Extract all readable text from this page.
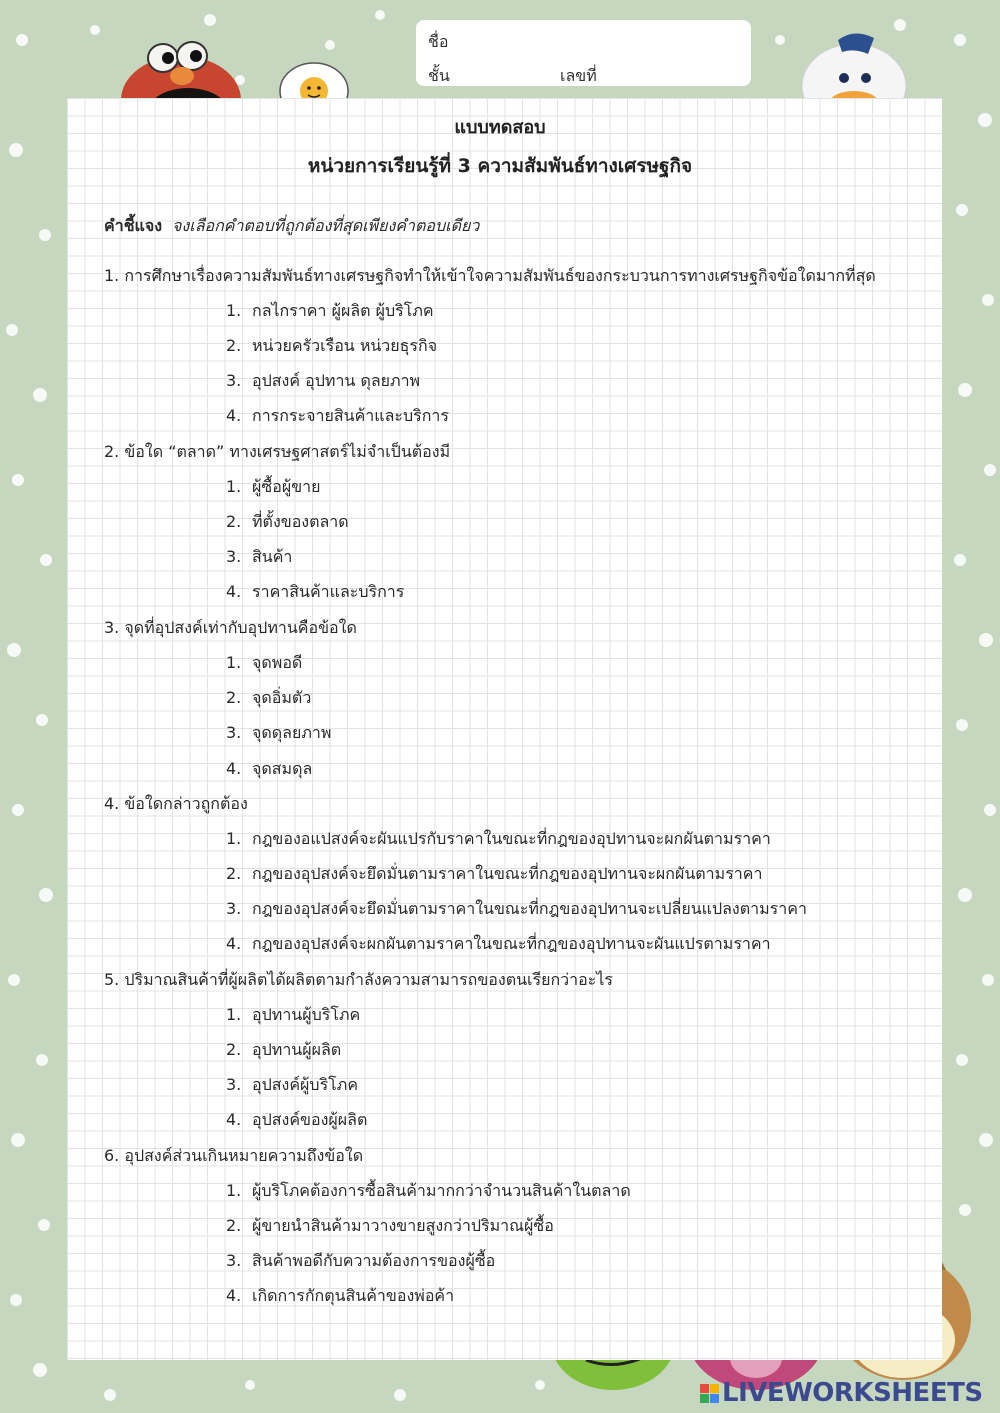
ชื่อ
ชั้น	เลขที่
แบบทดสอบ
หน่วยการเรียนรู้ที่ 3 ความสัมพันธ์ทางเศรษฐกิจ
คำชี้แจง จงเลือกคำตอบที่ถูกต้องที่สุดเพียงคำตอบเดียว
1. การศึกษาเรื่องความสัมพันธ์ทางเศรษฐกิจทำให้เข้าใจความสัมพันธ์ของกระบวนการทางเศรษฐกิจข้อใดมากที่สุด
1. กลไกราคา ผู้ผลิต ผู้บริโภค
2. หน่วยครัวเรือน หน่วยธุรกิจ
3. อุปสงค์ อุปทาน ดุลยภาพ
4. การกระจายสินค้าและบริการ
2. ข้อใด “ตลาด” ทางเศรษฐศาสตร์ไม่จำเป็นต้องมี
1. ผู้ซื้อผู้ขาย
2. ที่ตั้งของตลาด
3. สินค้า
4. ราคาสินค้าและบริการ
3. จุดที่อุปสงค์เท่ากับอุปทานคือข้อใด
1. จุดพอดี
2. จุดอิ่มตัว
3. จุดดุลยภาพ
4. จุดสมดุล
4. ข้อใดกล่าวถูกต้อง
1. กฎของอแปสงค์จะผันแปรกับราคาในขณะที่กฎของอุปทานจะผกผันตามราคา
2. กฎของอุปสงค์จะยึดมั่นตามราคาในขณะที่กฎของอุปทานจะผกผันตามราคา
3. กฎของอุปสงค์จะยึดมั่นตามราคาในขณะที่กฎของอุปทานจะเปลี่ยนแปลงตามราคา
4. กฎของอุปสงค์จะผกผันตามราคาในขณะที่กฎของอุปทานจะผันแปรตามราคา
5. ปริมาณสินค้าที่ผู้ผลิตได้ผลิตตามกำลังความสามารถของตนเรียกว่าอะไร
1. อุปทานผู้บริโภค
2. อุปทานผู้ผลิต
3. อุปสงค์ผู้บริโภค
4. อุปสงค์ของผู้ผลิต
6. อุปสงค์ส่วนเกินหมายความถึงข้อใด
1. ผู้บริโภคต้องการซื้อสินค้ามากกว่าจำนวนสินค้าในตลาด
2. ผู้ขายนำสินค้ามาวางขายสูงกว่าปริมาณผู้ซื้อ
3. สินค้าพอดีกับความต้องการของผู้ซื้อ
4. เกิดการกักตุนสินค้าของพ่อค้า
LIVEWORKSHEETS
